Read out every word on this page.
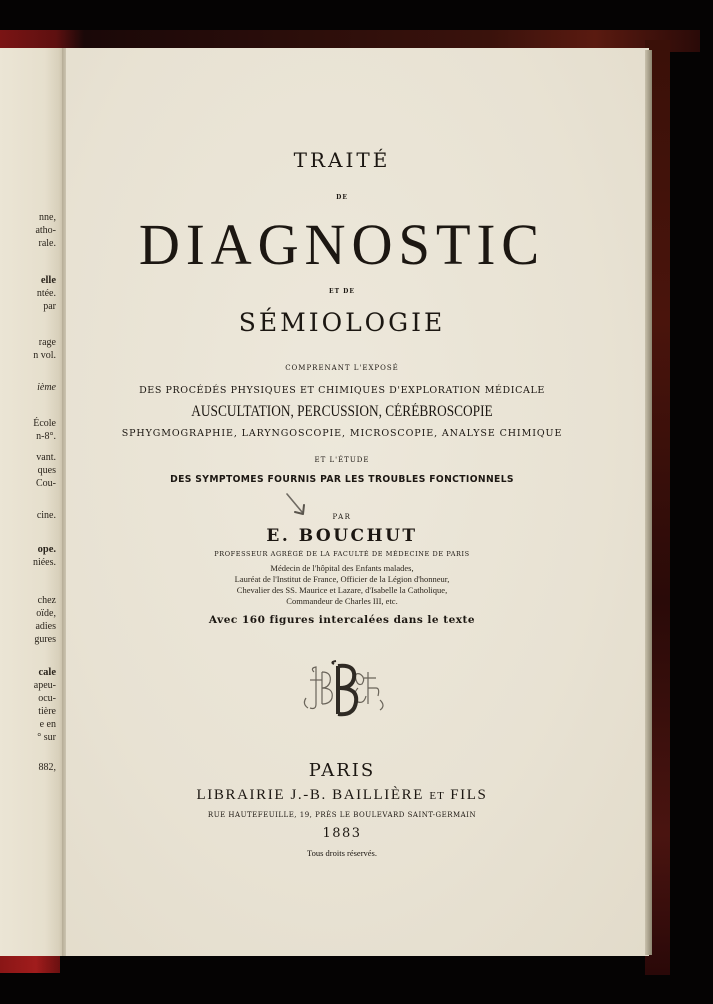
nne,
atho-
rale.
elle
ntée.
par
rage
n vol.
ième
École
n-8°.
vant.
ques
Cou-
cine.
ope.
niées.
chez
oïde,
adies
gures
cale
apeu-
ocu-
tière
e en
° sur
882,
TRAITÉ
DE
DIAGNOSTIC
ET DE
SÉMIOLOGIE
COMPRENANT L'EXPOSÉ
DES PROCÉDÉS PHYSIQUES ET CHIMIQUES D'EXPLORATION MÉDICALE
AUSCULTATION, PERCUSSION, CÉRÉBROSCOPIE
SPHYGMOGRAPHIE, LARYNGOSCOPIE, MICROSCOPIE, ANALYSE CHIMIQUE
ET L'ÉTUDE
DES SYMPTOMES FOURNIS PAR LES TROUBLES FONCTIONNELS
PAR
E. BOUCHUT
PROFESSEUR AGRÉGÉ DE LA FACULTÉ DE MÉDECINE DE PARIS
Médecin de l'hôpital des Enfants malades,
Lauréat de l'Institut de France, Officier de la Légion d'honneur,
Chevalier des SS. Maurice et Lazare, d'Isabelle la Catholique,
Commandeur de Charles III, etc.
Avec 160 figures intercalées dans le texte
PARIS
LIBRAIRIE J.-B. BAILLIÈRE ET FILS
RUE HAUTEFEUILLE, 19, PRÈS LE BOULEVARD SAINT-GERMAIN
1883
Tous droits réservés.
